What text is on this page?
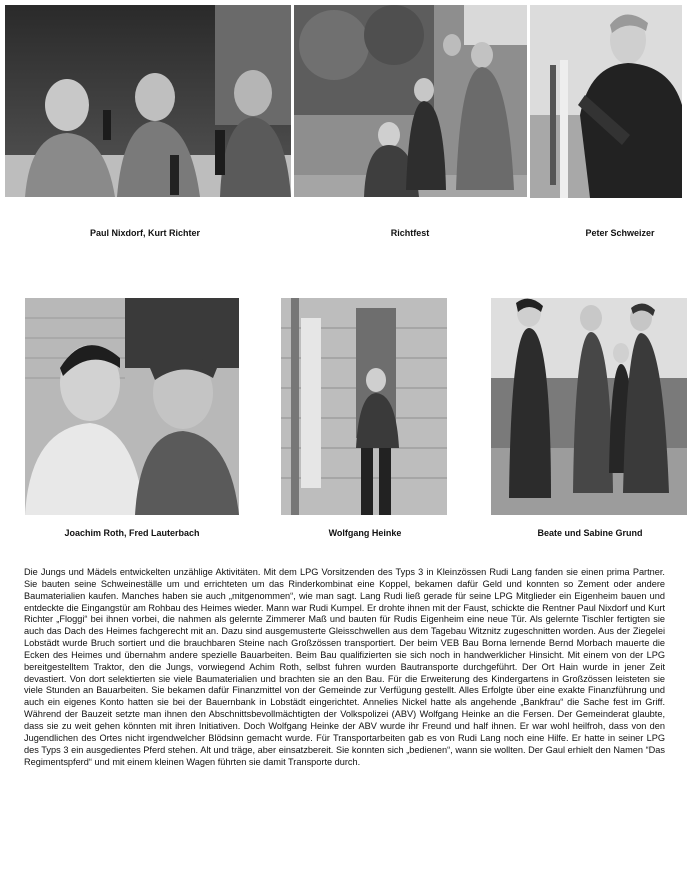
Paul Nixdorf, Kurt Richter	Richtfest	Peter Schweizer
Joachim Roth, Fred Lauterbach	Wolfgang Heinke	Beate und Sabine Grund
Die Jungs und Mädels entwickelten unzählige Aktivitäten. Mit dem LPG Vorsitzenden des Typs 3 in Kleinzössen Rudi Lang fanden sie einen prima Partner. Sie bauten seine Schweineställe um und errichteten um das Rinderkombinat eine Koppel, bekamen dafür Geld und konnten so Zement oder andere Baumaterialien kaufen. Manches haben sie auch „mitgenommen“, wie man sagt. Lang Rudi ließ gerade für seine LPG Mitglieder ein Eigenheim bauen und entdeckte die Eingangstür am Rohbau des Heimes wieder. Mann war Rudi Kumpel. Er drohte ihnen mit der Faust, schickte die Rentner Paul Nixdorf und Kurt Richter „Floggi“ bei ihnen vorbei, die nahmen als gelernte Zimmerer Maß und bauten für Rudis Eigenheim eine neue Tür. Als gelernte Tischler fertigten sie auch das Dach des Heimes fachgerecht mit an. Dazu sind ausgemusterte Gleisschwellen aus dem Tagebau Witznitz zugeschnitten worden. Aus der Ziegelei Lobstädt wurde Bruch sortiert und die brauchbaren Steine nach Großzössen transportiert. Der beim VEB Bau Borna lernende Bernd Morbach mauerte die Ecken des Heimes und übernahm andere spezielle Bauarbeiten. Beim Bau qualifizierten sie sich noch in handwerklicher Hinsicht. Mit einem von der LPG bereitgestelltem Traktor, den die Jungs, vorwiegend Achim Roth, selbst fuhren wurden Bautransporte durchgeführt. Der Ort Hain wurde in jener Zeit devastiert. Von dort selektierten sie viele Baumaterialien und brachten sie an den Bau. Für die Erweiterung des Kindergartens in Großzössen leisteten sie viele Stunden an Bauarbeiten. Sie bekamen dafür Finanzmittel von der Gemeinde zur Verfügung gestellt. Alles Erfolgte über eine exakte Finanzführung und auch ein eigenes Konto hatten sie bei der Bauernbank in Lobstädt eingerichtet. Annelies Nickel hatte als angehende „Bankfrau“ die Sache fest im Griff. Während der Bauzeit setzte man ihnen den Abschnittsbevollmächtigten der Volkspolizei (ABV) Wolfgang Heinke an die Fersen. Der Gemeinderat glaubte, dass sie zu weit gehen könnten mit ihren Initiativen. Doch Wolfgang Heinke der ABV wurde ihr Freund und half ihnen. Er war wohl heilfroh, dass von den Jugendlichen des Ortes nicht irgendwelcher Blödsinn gemacht wurde. Für Transportarbeiten gab es von Rudi Lang noch eine Hilfe. Er hatte in seiner LPG des Typs 3 ein ausgedientes Pferd stehen. Alt und träge, aber einsatzbereit. Sie konnten sich „bedienen“, wann sie wollten. Der Gaul erhielt den Namen “Das Regimentspferd“ und mit einem kleinen Wagen führten sie damit Transporte durch.
